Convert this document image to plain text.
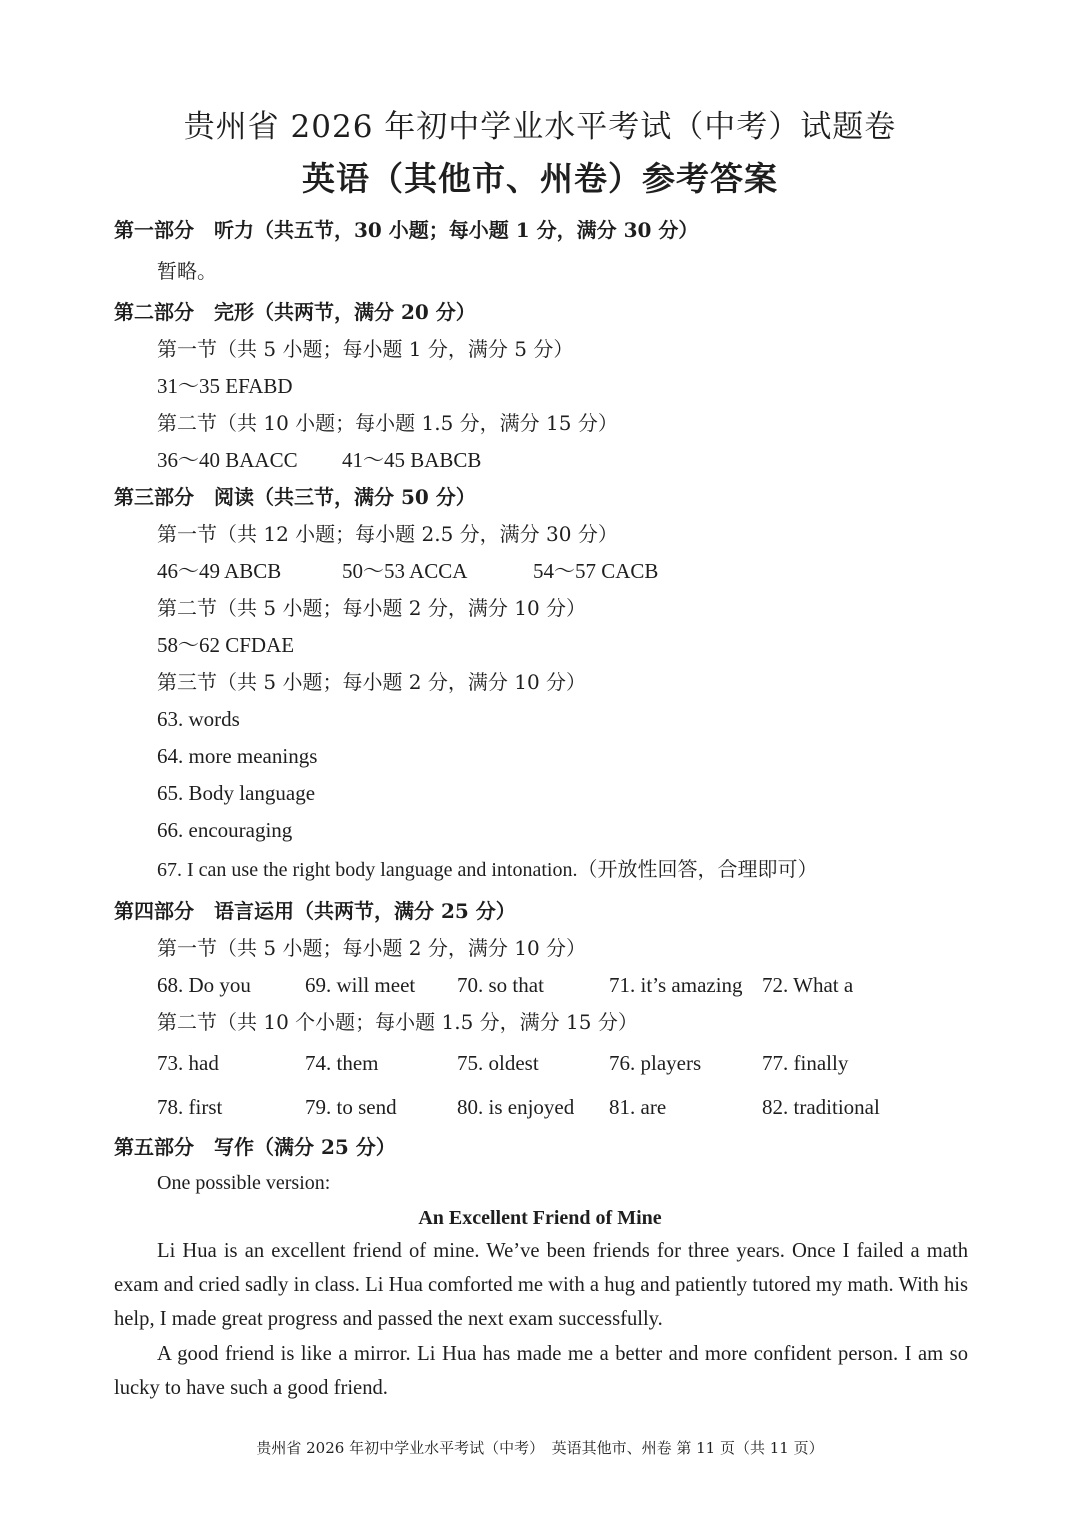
贵州省 2026 年初中学业水平考试（中考）试题卷
英语（其他市、州卷）参考答案
第一部分　听力（共五节，30 小题；每小题 1 分，满分 30 分）
暂略。
第二部分　完形（共两节，满分 20 分）
第一节（共 5 小题；每小题 1 分，满分 5 分）
31～35 EFABD
第二节（共 10 小题；每小题 1.5 分，满分 15 分）
36～40 BAACC 41～45 BABCB
第三部分　阅读（共三节，满分 50 分）
第一节（共 12 小题；每小题 2.5 分，满分 30 分）
46～49 ABCB	50～53 ACCA	54～57 CACB
第二节（共 5 小题；每小题 2 分，满分 10 分）
58～62 CFDAE
第三节（共 5 小题；每小题 2 分，满分 10 分）
63. words
64. more meanings
65. Body language
66. encouraging
67. I can use the right body language and intonation.（开放性回答，合理即可）
第四部分　语言运用（共两节，满分 25 分）
第一节（共 5 小题；每小题 2 分，满分 10 分）
68. Do you	69. will meet 70. so that	71. it’s amazing 72. What a
第二节（共 10 个小题；每小题 1.5 分，满分 15 分）
73. had	74. them	75. oldest	76. players	77. finally
78. first	79. to send	80. is enjoyed 81. are	82. traditional
第五部分　写作（满分 25 分）
One possible version:
An Excellent Friend of Mine
Li Hua is an excellent friend of mine. We’ve been friends for three years. Once I failed a math exam and cried sadly in class. Li Hua comforted me with a hug and patiently tutored my math. With his help, I made great progress and passed the next exam successfully.
A good friend is like a mirror. Li Hua has made me a better and more confident person. I am so lucky to have such a good friend.
贵州省 2026 年初中学业水平考试（中考）　英语其他市、州卷 第 11 页（共 11 页）
